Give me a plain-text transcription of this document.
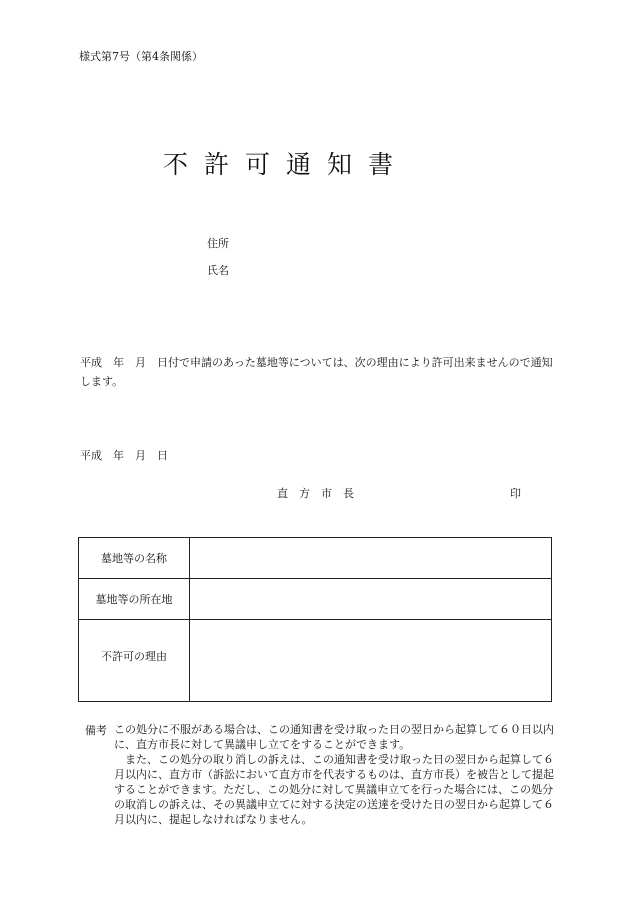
様式第7号（第4条関係）
不許可通知書
住所
氏名
平成　年　月　日付で申請のあった墓地等については、次の理由により許可出来ませんので通知します。
平成　年　月　日
直　方　市　長	印
墓地等の名称	
墓地等の所在地	
不許可の理由	
備考 この処分に不服がある場合は、この通知書を受け取った日の翌日から起算して６０日以内に、直方市長に対して異議申し立てをすることができます。

また、この処分の取り消しの訴えは、この通知書を受け取った日の翌日から起算して６月以内に、直方市（訴訟において直方市を代表するものは、直方市長）を被告として提起することができます。ただし、この処分に対して異議申立てを行った場合には、この処分の取消しの訴えは、その異議申立てに対する決定の送達を受けた日の翌日から起算して６月以内に、提起しなければなりません。
